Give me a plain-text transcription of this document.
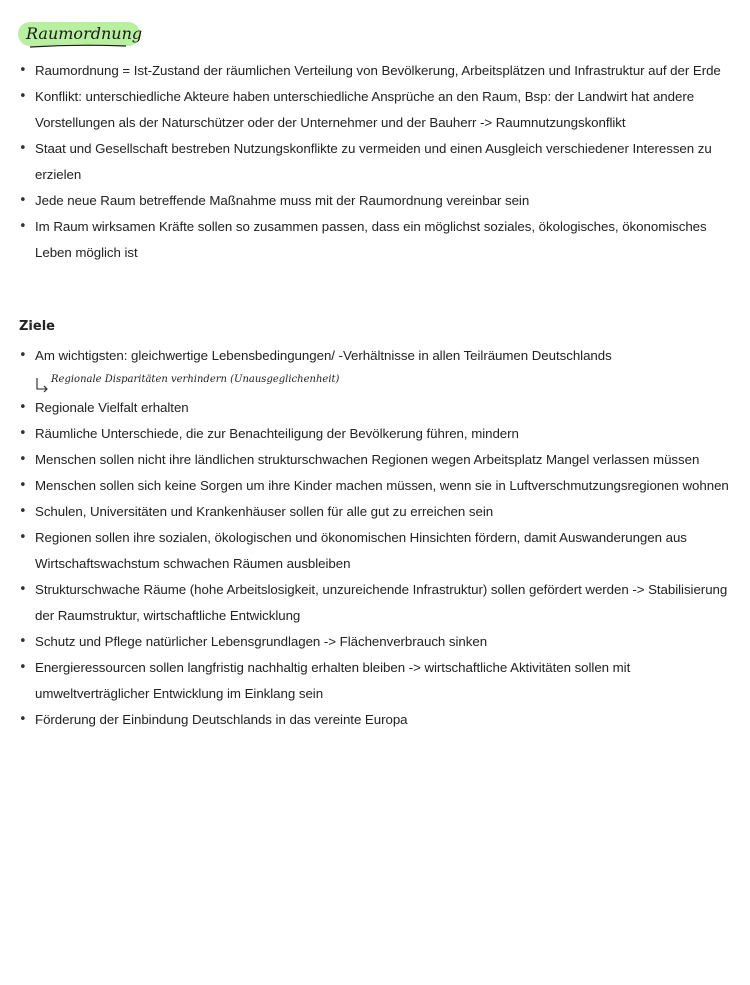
Raumordnung
• Raumordnung = Ist-Zustand der räumlichen Verteilung von Bevölkerung, Arbeitsplätzen und Infrastruktur auf der Erde
• Konflikt: unterschiedliche Akteure haben unterschiedliche Ansprüche an den Raum, Bsp: der Landwirt hat andere Vorstellungen als der Naturschützer oder der Unternehmer und der Bauherr -> Raumnutzungskonflikt
• Staat und Gesellschaft bestreben Nutzungskonflikte zu vermeiden und einen Ausgleich verschiedener Interessen zu erzielen
• Jede neue Raum betreffende Maßnahme muss mit der Raumordnung vereinbar sein
• Im Raum wirksamen Kräfte sollen so zusammen passen, dass ein möglichst soziales, ökologisches, ökonomisches Leben möglich ist
Ziele
• Am wichtigsten: gleichwertige Lebensbedingungen/ -Verhältnisse in allen Teilräumen Deutschlands
Regionale Disparitäten verhindern (Unausgeglichenheit)
• Regionale Vielfalt erhalten
• Räumliche Unterschiede, die zur Benachteiligung der Bevölkerung führen, mindern
• Menschen sollen nicht ihre ländlichen strukturschwachen Regionen wegen Arbeitsplatz Mangel verlassen müssen
• Menschen sollen sich keine Sorgen um ihre Kinder machen müssen, wenn sie in Luftverschmutzungsregionen wohnen
• Schulen, Universitäten und Krankenhäuser sollen für alle gut zu erreichen sein
• Regionen sollen ihre sozialen, ökologischen und ökonomischen Hinsichten fördern, damit Auswanderungen aus Wirtschaftswachstum schwachen Räumen ausbleiben
• Strukturschwache Räume (hohe Arbeitslosigkeit, unzureichende Infrastruktur) sollen gefördert werden -> Stabilisierung der Raumstruktur, wirtschaftliche Entwicklung
• Schutz und Pflege natürlicher Lebensgrundlagen -> Flächenverbrauch sinken
• Energieressourcen sollen langfristig nachhaltig erhalten bleiben -> wirtschaftliche Aktivitäten sollen mit umweltverträglicher Entwicklung im Einklang sein
• Förderung der Einbindung Deutschlands in das vereinte Europa
